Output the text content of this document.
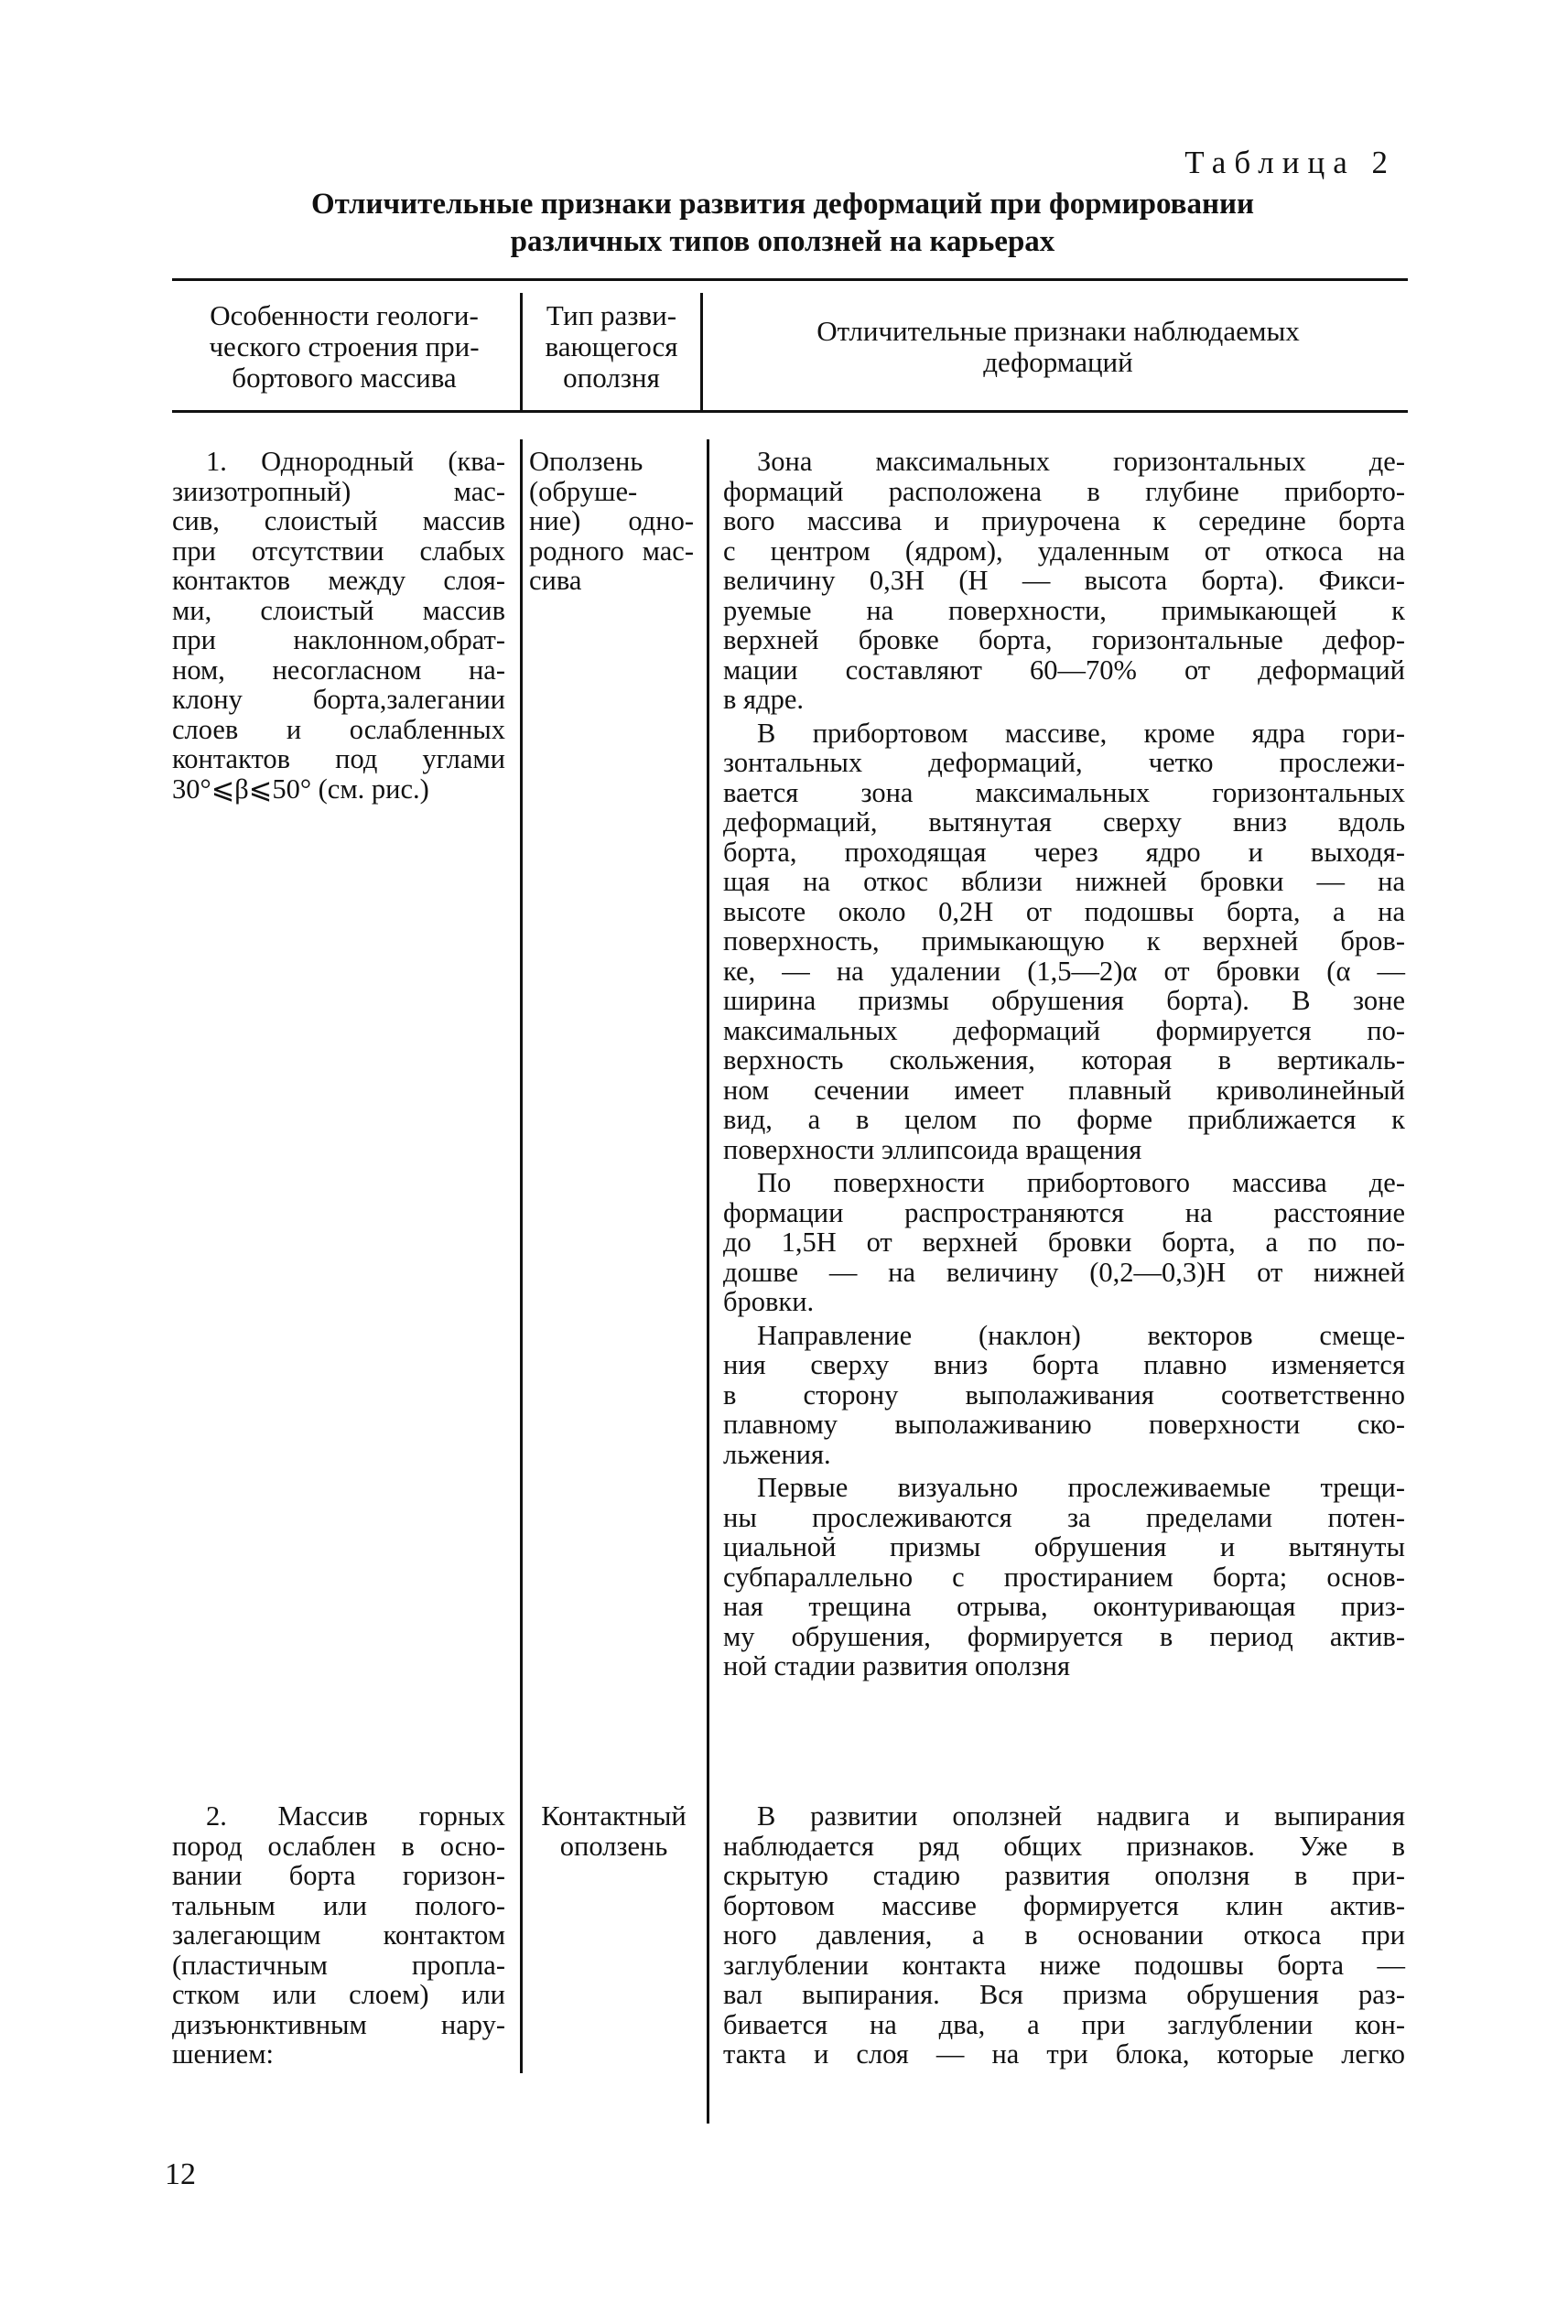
Таблица 2
Отличительные признаки развития деформаций при формировании
различных типов оползней на карьерах
Особенности геологи-
ческого строения при-
бортового массива
Тип разви-
вающегося
оползня
Отличительные признаки наблюдаемых
деформаций
1. Однородный (ква-
зиизотропный) мас-
сив, слоистый массив
при отсутствии слабых
контактов между слоя-
ми, слоистый массив
при наклонном,обрат-
ном, несогласном на-
клону борта,залегании
слоев и ослабленных
контактов под углами
30°⩽β⩽50° (см. рис.)
Оползень
(обруше-
ние) одно-
родного мас-
сива
Зона максимальных горизонтальных де-
формаций расположена в глубине приборто-
вого массива и приурочена к середине борта
с центром (ядром), удаленным от откоса на
величину 0,3H (H — высота борта). Фикси-
руемые на поверхности, примыкающей к
верхней бровке борта, горизонтальные дефор-
мации составляют 60—70% от деформаций
в ядре.
В прибортовом массиве, кроме ядра гори-
зонтальных деформаций, четко прослежи-
вается зона максимальных горизонтальных
деформаций, вытянутая сверху вниз вдоль
борта, проходящая через ядро и выходя-
щая на откос вблизи нижней бровки — на
высоте около 0,2H от подошвы борта, а на
поверхность, примыкающую к верхней бров-
ке, — на удалении (1,5—2)α от бровки (α —
ширина призмы обрушения борта). В зоне
максимальных деформаций формируется по-
верхность скольжения, которая в вертикаль-
ном сечении имеет плавный криволинейный
вид, а в целом по форме приближается к
поверхности эллипсоида вращения
По поверхности прибортового массива де-
формации распространяются на расстояние
до 1,5H от верхней бровки борта, а по по-
дошве — на величину (0,2—0,3)H от нижней
бровки.
Направление (наклон) векторов смеще-
ния сверху вниз борта плавно изменяется
в сторону выполаживания соответственно
плавному выполаживанию поверхности ско-
льжения.
Первые визуально прослеживаемые трещи-
ны прослеживаются за пределами потен-
циальной призмы обрушения и вытянуты
субпараллельно с простиранием борта; основ-
ная трещина отрыва, оконтуривающая приз-
му обрушения, формируется в период актив-
ной стадии развития оползня
2. Массив горных
пород ослаблен в осно-
вании борта горизон-
тальным или полого-
залегающим контактом
(пластичным пропла-
стком или слоем) или
дизъюнктивным нару-
шением:
Контактный
оползень
В развитии оползней надвига и выпирания
наблюдается ряд общих признаков. Уже в
скрытую стадию развития оползня в при-
бортовом массиве формируется клин актив-
ного давления, а в основании откоса при
заглублении контакта ниже подошвы борта —
вал выпирания. Вся призма обрушения раз-
бивается на два, а при заглублении кон-
такта и слоя — на три блока, которые легко
12
